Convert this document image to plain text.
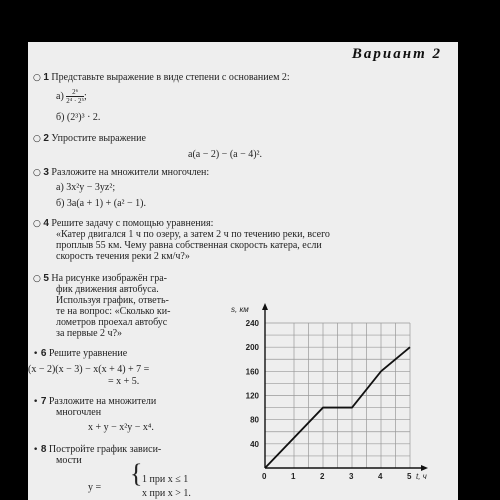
Вариант 2
○ 1 Представьте выражение в виде степени с основанием 2:
$а) \frac{\text{2⁶}}{\text{2⁴ · 2⁵}}$ ;
б) (2³)³ · 2.
○ 2 Упростите выражение
a(a − 2) − (a − 4)².
○ 3 Разложите на множители многочлен:
а) 3x²y − 3yz²;
б) 3a(a + 1) + (a² − 1).
○ 4 Решите задачу с помощью уравнения:
«Катер двигался 1 ч по озеру, а затем 2 ч по течению реки, всего
проплыв 55 км. Чему равна собственная скорость катера, если
скорость течения реки 2 км/ч?»
○ 5 На рисунке изображён гра-
фик движения автобуса.
Используя график, ответь-
те на вопрос: «Сколько ки-
лометров проехал автобус
за первые 2 ч?»
• 6 Решите уравнение
(x − 2)(x − 3) − x(x + 4) + 7 =
= x + 5.
• 7 Разложите на множители
многочлен
x + y − x²y − x⁴.
• 8 Постройте график зависи-
мости
y = { 1 при x ≤ 1
x при x > 1.
s, км
t, ч
0	1	2	3	4	5
40
80
120
160
200
240
